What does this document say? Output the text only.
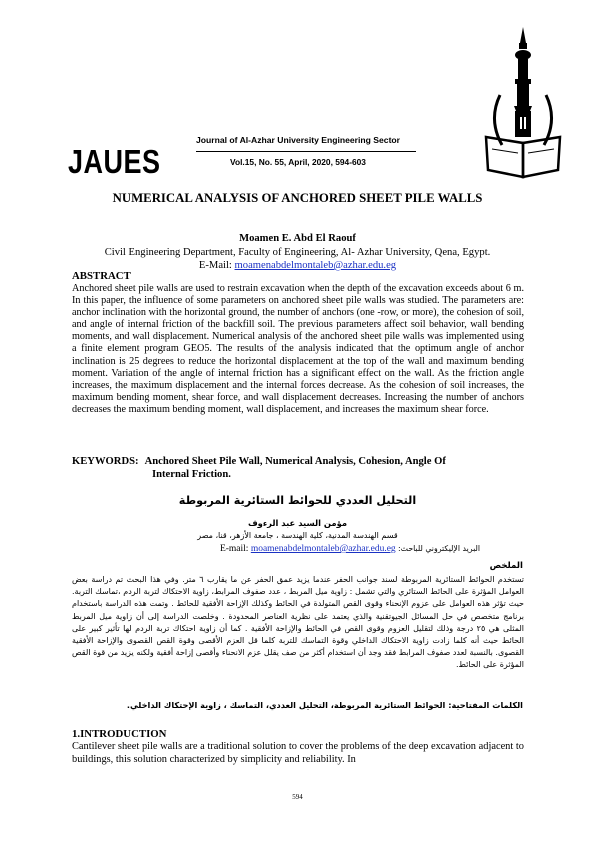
JAUES
Journal of Al-Azhar University Engineering Sector
Vol.15, No. 55, April, 2020, 594-603
NUMERICAL ANALYSIS OF ANCHORED SHEET PILE WALLS
Moamen E. Abd El Raouf
Civil Engineering Department, Faculty of Engineering, Al- Azhar University, Qena, Egypt.
E-Mail: moamenabdelmontaleb@azhar.edu.eg
ABSTRACT
Anchored sheet pile walls are used to restrain excavation when the depth of the excavation exceeds about 6 m. In this paper, the influence of some parameters on anchored sheet pile walls was studied. The parameters are: anchor inclination with the horizontal ground, the number of anchors (one -row, or more), the cohesion of soil, and angle of internal friction of the backfill soil. The previous parameters affect soil behavior, wall bending moments, and wall displacement. Numerical analysis of the anchored sheet pile walls was implemented using a finite element program GEO5. The results of the analysis indicated that the optimum angle of anchor inclination is 25 degrees to reduce the horizontal displacement at the top of the wall and maximum bending moment. Variation of the angle of internal friction has a significant effect on the wall. As the friction angle increases, the maximum displacement and the internal forces decrease. As the cohesion of soil increases, the maximum bending moment, shear force, and wall displacement decreases. Increasing the number of anchors decreases the maximum bending moment, wall displacement, and increases the maximum shear force.
KEYWORDS: Anchored Sheet Pile Wall, Numerical Analysis, Cohesion, Angle Of
Internal Friction.
التحليل العددي للحوائط الستائرية المربوطة
مؤمن السيد عبد الرءوف
قسم الهندسة المدنية، كلية الهندسة ، جامعة الأزهر، قنا، مصر
E-mail: moamenabdelmontaleb@azhar.edu.eg البريد الإليكتروني للباحث:
الملخص
تستخدم الحوائط الستائرية المربوطة لسند جوانب الحفر عندما يزيد عمق الحفر عن ما يقارب ٦ متر. وفي هذا البحث تم دراسة بعض العوامل المؤثرة على الحائط الستائري والتي تشمل : زاوية ميل المربط ، عدد صفوف المرابط، زاوية الاحتكاك لتربة الردم ،تماسك التربة. حيث تؤثر هذه العوامل على عزوم الإنحناء وقوى القص المتولدة في الحائط وكذلك الإزاحة الأفقية للحائط . وتمت هذه الدراسة باستخدام برنامج متخصص في حل المسائل الجيوتقنية والذي يعتمد على نظرية العناصر المحدودة . وخلصت الدراسة إلى أن زاوية ميل المربط المثلى هي ٢٥ درجة وذلك لتقليل العزوم وقوى القص في الحائط والإزاحة الأفقية . كما أن زاوية احتكاك تربة الردم لها تأثير كبير على الحائط حيث أنه كلما زادت زاوية الاحتكاك الداخلي وقوة التماسك للتربة كلما قل العزم الأقصى وقوة القص القصوى والإزاحة الأفقية القصوى. بالنسبة لعدد صفوف المرابط فقد وجد أن استخدام أكثر من صف يقلل عزم الانحناء وأقصى إزاحة أفقية ولكنه يزيد من قوة القص المؤثرة على الحائط.
الكلمات المفتاحية: الحوائط الستائرية المربوطة، التحليل العددي، التماسك ، زاوية الإحتكاك الداخلي.
1.INTRODUCTION
Cantilever sheet pile walls are a traditional solution to cover the problems of the deep excavation adjacent to buildings, this solution characterized by simplicity and reliability. In
594
